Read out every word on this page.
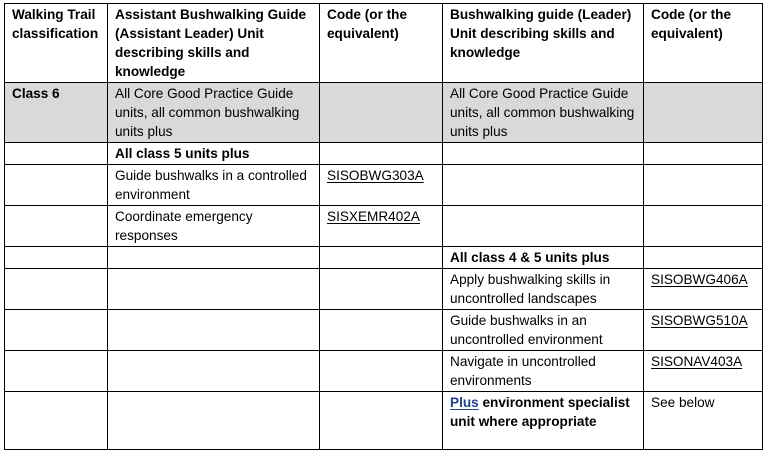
Walking Trail classification	Assistant Bushwalking Guide (Assistant Leader) Unit describing skills and knowledge	Code (or the equivalent)	Bushwalking guide (Leader) Unit describing skills and knowledge	Code (or the equivalent)
Class 6	All Core Good Practice Guide units, all common bushwalking units plus		All Core Good Practice Guide units, all common bushwalking units plus	
	All class 5 units plus			
	Guide bushwalks in a controlled environment	SISOBWG303A		
	Coordinate emergency responses	SISXEMR402A		
			All class 4 & 5 units plus	
			Apply bushwalking skills in uncontrolled landscapes	SISOBWG406A
			Guide bushwalks in an uncontrolled environment	SISOBWG510A
			Navigate in uncontrolled environments	SISONAV403A
			Plus environment specialist unit where appropriate	See below
